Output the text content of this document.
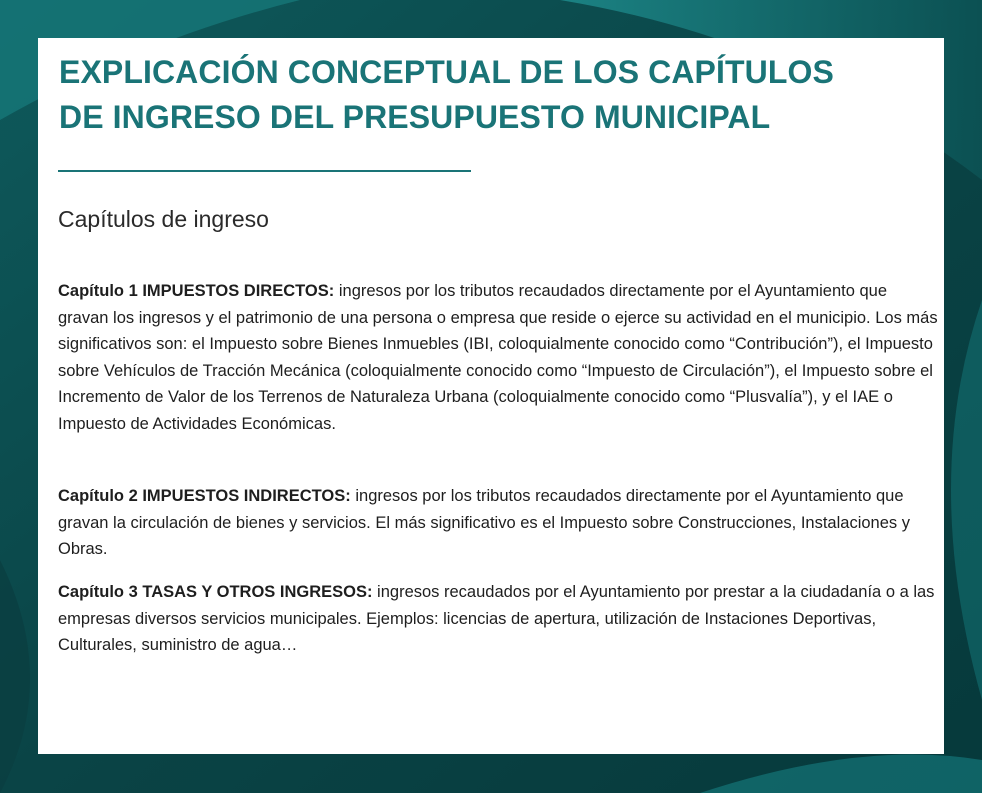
EXPLICACIÓN CONCEPTUAL DE LOS CAPÍTULOS
DE INGRESO DEL PRESUPUESTO MUNICIPAL
Capítulos de ingreso

Capítulo 1 IMPUESTOS DIRECTOS: ingresos por los tributos recaudados directamente por el Ayuntamiento que gravan los ingresos y el patrimonio de una persona o empresa que reside o ejerce su actividad en el municipio. Los más significativos son: el Impuesto sobre Bienes Inmuebles (IBI, coloquialmente conocido como “Contribución”), el Impuesto sobre Vehículos de Tracción Mecánica (coloquialmente conocido como “Impuesto de Circulación”), el Impuesto sobre el Incremento de Valor de los Terrenos de Naturaleza Urbana (coloquialmente conocido como “Plusvalía”), y el IAE o Impuesto de Actividades Económicas.

Capítulo 2 IMPUESTOS INDIRECTOS: ingresos por los tributos recaudados directamente por el Ayuntamiento que gravan la circulación de bienes y servicios. El más significativo es el Impuesto sobre Construcciones, Instalaciones y Obras.

Capítulo 3 TASAS Y OTROS INGRESOS: ingresos recaudados por el Ayuntamiento por prestar a la ciudadanía o a las empresas diversos servicios municipales. Ejemplos: licencias de apertura, utilización de Instaciones Deportivas, Culturales, suministro de agua…
